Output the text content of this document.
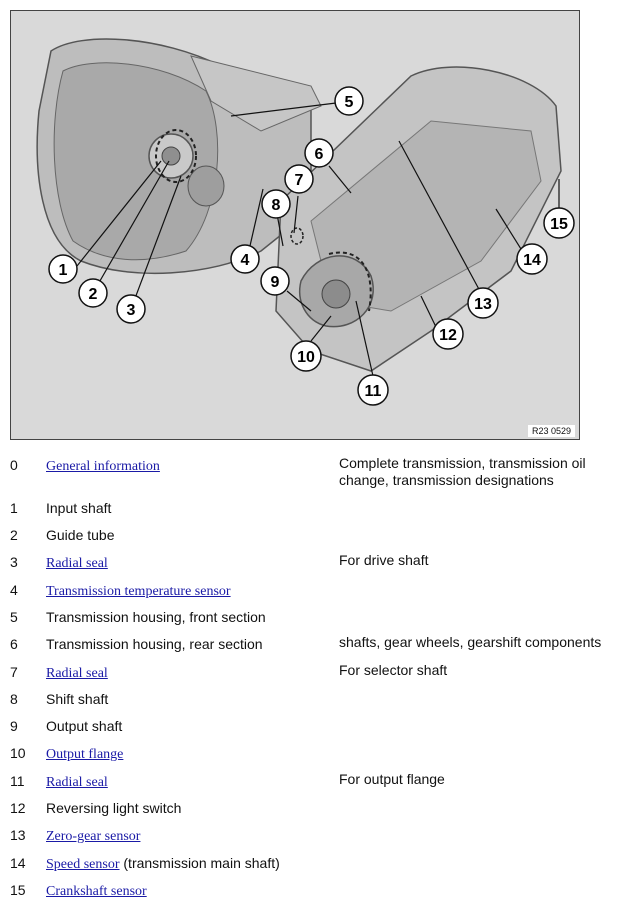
1
2
3
4
5
6
7
8
9
10
11
12
13
14
15
R23 0529
0	General information	Complete transmission, transmission oil change, transmission designations
1	Input shaft
2	Guide tube
3	Radial seal	For drive shaft
4	Transmission temperature sensor
5	Transmission housing, front section
6	Transmission housing, rear section	shafts, gear wheels, gearshift components
7	Radial seal	For selector shaft
8	Shift shaft
9	Output shaft
10	Output flange
11	Radial seal	For output flange
12	Reversing light switch
13	Zero-gear sensor
14	Speed sensor (transmission main shaft)
15	Crankshaft sensor
